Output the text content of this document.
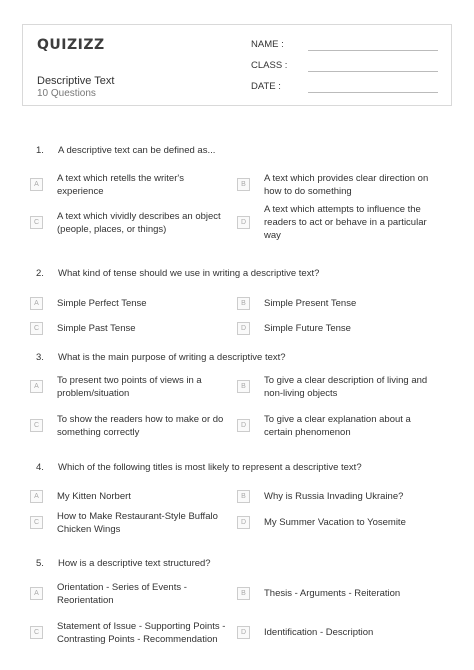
QUIZIZZ
Descriptive Text
10 Questions
NAME :
CLASS :
DATE :
1.	A descriptive text can be defined as...
A
A text which retells the writer's
experience
B
A text which provides clear direction on
how to do something
C
A text which vividly describes an object
(people, places, or things)
D
A text which attempts to influence the
readers to act or behave in a particular
way
2.	What kind of tense should we use in writing a descriptive text?
A	Simple Perfect Tense	B	Simple Present Tense
C	Simple Past Tense	D	Simple Future Tense
3.	What is the main purpose of writing a descriptive text?
A
To present two points of views in a
problem/situation
B
To give a clear description of living and
non-living objects
C
To show the readers how to make or do
something correctly
D
To give a clear explanation about a
certain phenomenon
4.	Which of the following titles is most likely to represent a descriptive text?
A	My Kitten Norbert	B	Why is Russia Invading Ukraine?
C
How to Make Restaurant-Style Buffalo
Chicken Wings
D	My Summer Vacation to Yosemite
5.	How is a descriptive text structured?
A
Orientation - Series of Events -
Reorientation
B	Thesis - Arguments - Reiteration
C
Statement of Issue - Supporting Points -
Contrasting Points - Recommendation
D	Identification - Description
